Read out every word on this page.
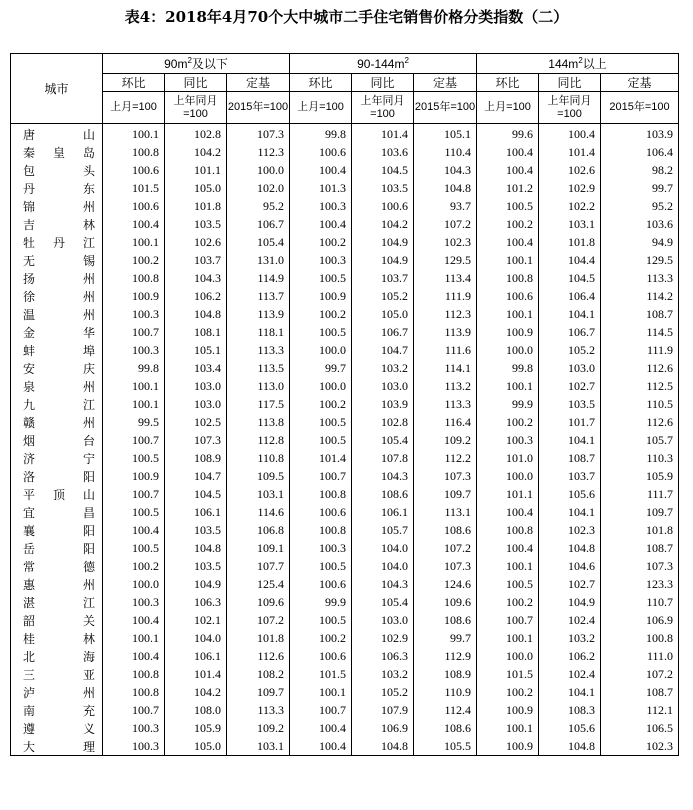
表4：2018年4月70个大中城市二手住宅销售价格分类指数（二）
城市	$90m^2$及以下			$90-144m^2$			$144m^2$以上		
	环比	同比	定基	环比	同比	定基	环比	同比	定基
	上月=100	上年同月=100	2015年=100	上月=100	上年同月=100	2015年=100	上月=100	上年同月=100	2015年=100

唐 山	100.1	102.8	107.3	99.8	101.4	105.1	99.6	100.4	103.9

秦 皇 岛	100.8	104.2	112.3	100.6	103.6	110.4	100.4	101.4	106.4

包 头	100.6	101.1	100.0	100.4	104.5	104.3	100.4	102.6	98.2

丹 东	101.5	105.0	102.0	101.3	103.5	104.8	101.2	102.9	99.7

锦 州	100.6	101.8	95.2	100.3	100.6	93.7	100.5	102.2	95.2

吉 林	100.4	103.5	106.7	100.4	104.2	107.2	100.2	103.1	103.6

牡 丹 江	100.1	102.6	105.4	100.2	104.9	102.3	100.4	101.8	94.9

无 锡	100.2	103.7	131.0	100.3	104.9	129.5	100.1	104.4	129.5

扬 州	100.8	104.3	114.9	100.5	103.7	113.4	100.8	104.5	113.3

徐 州	100.9	106.2	113.7	100.9	105.2	111.9	100.6	106.4	114.2

温 州	100.3	104.8	113.9	100.2	105.0	112.3	100.1	104.1	108.7

金 华	100.7	108.1	118.1	100.5	106.7	113.9	100.9	106.7	114.5

蚌 埠	100.3	105.1	113.3	100.0	104.7	111.6	100.0	105.2	111.9

安 庆	99.8	103.4	113.5	99.7	103.2	114.1	99.8	103.0	112.6

泉 州	100.1	103.0	113.0	100.0	103.0	113.2	100.1	102.7	112.5

九 江	100.1	103.0	117.5	100.2	103.9	113.3	99.9	103.5	110.5

赣 州	99.5	102.5	113.8	100.5	102.8	116.4	100.2	101.7	112.6

烟 台	100.7	107.3	112.8	100.5	105.4	109.2	100.3	104.1	105.7

济 宁	100.5	108.9	110.8	101.4	107.8	112.2	101.0	108.7	110.3

洛 阳	100.9	104.7	109.5	100.7	104.3	107.3	100.0	103.7	105.9

平 顶 山	100.7	104.5	103.1	100.8	108.6	109.7	101.1	105.6	111.7

宜 昌	100.5	106.1	114.6	100.6	106.1	113.1	100.4	104.1	109.7

襄 阳	100.4	103.5	106.8	100.8	105.7	108.6	100.8	102.3	101.8

岳 阳	100.5	104.8	109.1	100.3	104.0	107.2	100.4	104.8	108.7

常 德	100.2	103.5	107.7	100.5	104.0	107.3	100.1	104.6	107.3

惠 州	100.0	104.9	125.4	100.6	104.3	124.6	100.5	102.7	123.3

湛 江	100.3	106.3	109.6	99.9	105.4	109.6	100.2	104.9	110.7

韶 关	100.4	102.1	107.2	100.5	103.0	108.6	100.7	102.4	106.9

桂 林	100.1	104.0	101.8	100.2	102.9	99.7	100.1	103.2	100.8

北 海	100.4	106.1	112.6	100.6	106.3	112.9	100.0	106.2	111.0

三 亚	100.8	101.4	108.2	101.5	103.2	108.9	101.5	102.4	107.2

泸 州	100.8	104.2	109.7	100.1	105.2	110.9	100.2	104.1	108.7

南 充	100.7	108.0	113.3	100.7	107.9	112.4	100.9	108.3	112.1

遵 义	100.3	105.9	109.2	100.4	106.9	108.6	100.1	105.6	106.5

大 理	100.3	105.0	103.1	100.4	104.8	105.5	100.9	104.8	102.3
